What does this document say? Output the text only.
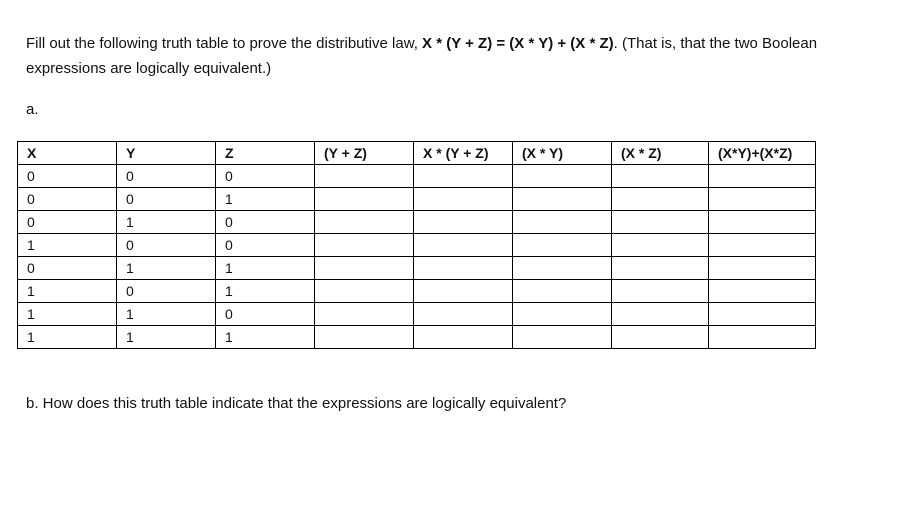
Fill out the following truth table to prove the distributive law, X * (Y + Z) = (X * Y) + (X * Z). (That is, that the two Boolean expressions are logically equivalent.)
a.
X	Y	Z	(Y + Z)	X * (Y + Z)	(X * Y)	(X * Z)	(X*Y)+(X*Z)
0	0	0					
0	0	1					
0	1	0					
1	0	0					
0	1	1					
1	0	1					
1	1	0					
1	1	1					
b. How does this truth table indicate that the expressions are logically equivalent?
